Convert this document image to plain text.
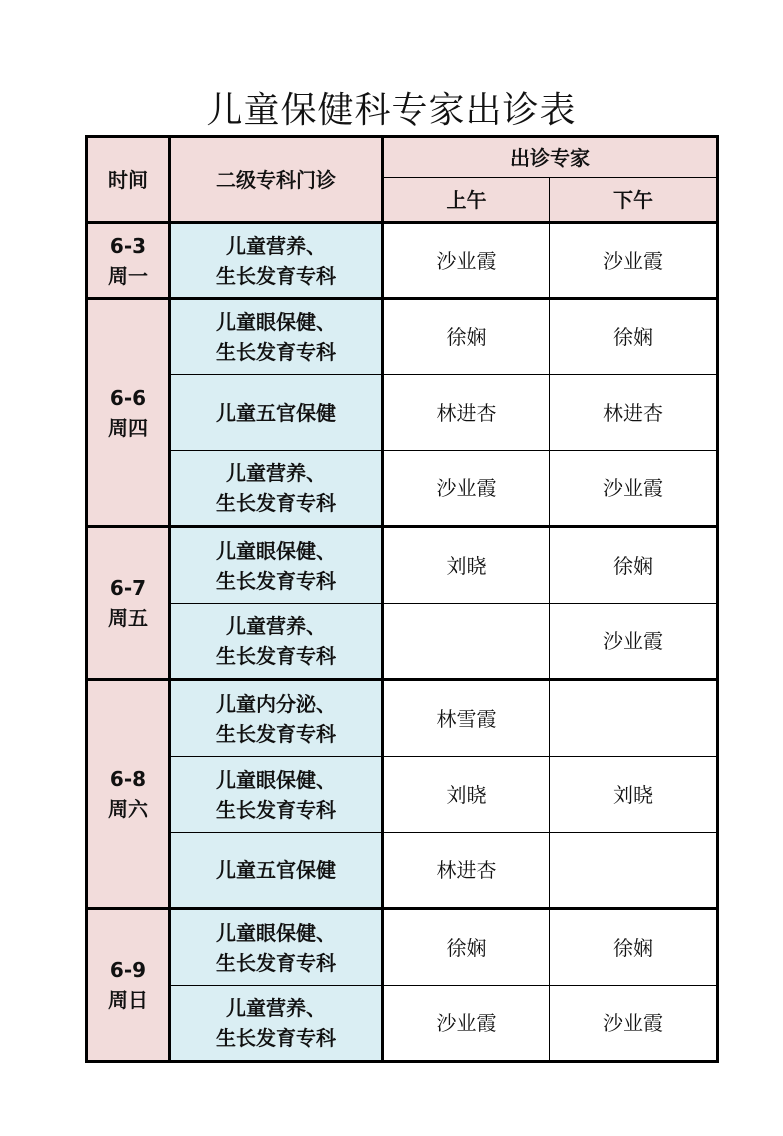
儿童保健科专家出诊表
时间	二级专科门诊	出诊专家	
		上午	下午

6-3
周一	儿童营养、
生长发育专科	沙业霞	沙业霞

6-6
周四	儿童眼保健、
生长发育专科	徐娴	徐娴

	儿童五官保健	林进杏	林进杏

	儿童营养、
生长发育专科	沙业霞	沙业霞

6-7
周五	儿童眼保健、
生长发育专科	刘晓	徐娴

	儿童营养、
生长发育专科		沙业霞

6-8
周六	儿童内分泌、
生长发育专科	林雪霞	

	儿童眼保健、
生长发育专科	刘晓	刘晓

	儿童五官保健	林进杏	

6-9
周日	儿童眼保健、
生长发育专科	徐娴	徐娴

	儿童营养、
生长发育专科	沙业霞	沙业霞
